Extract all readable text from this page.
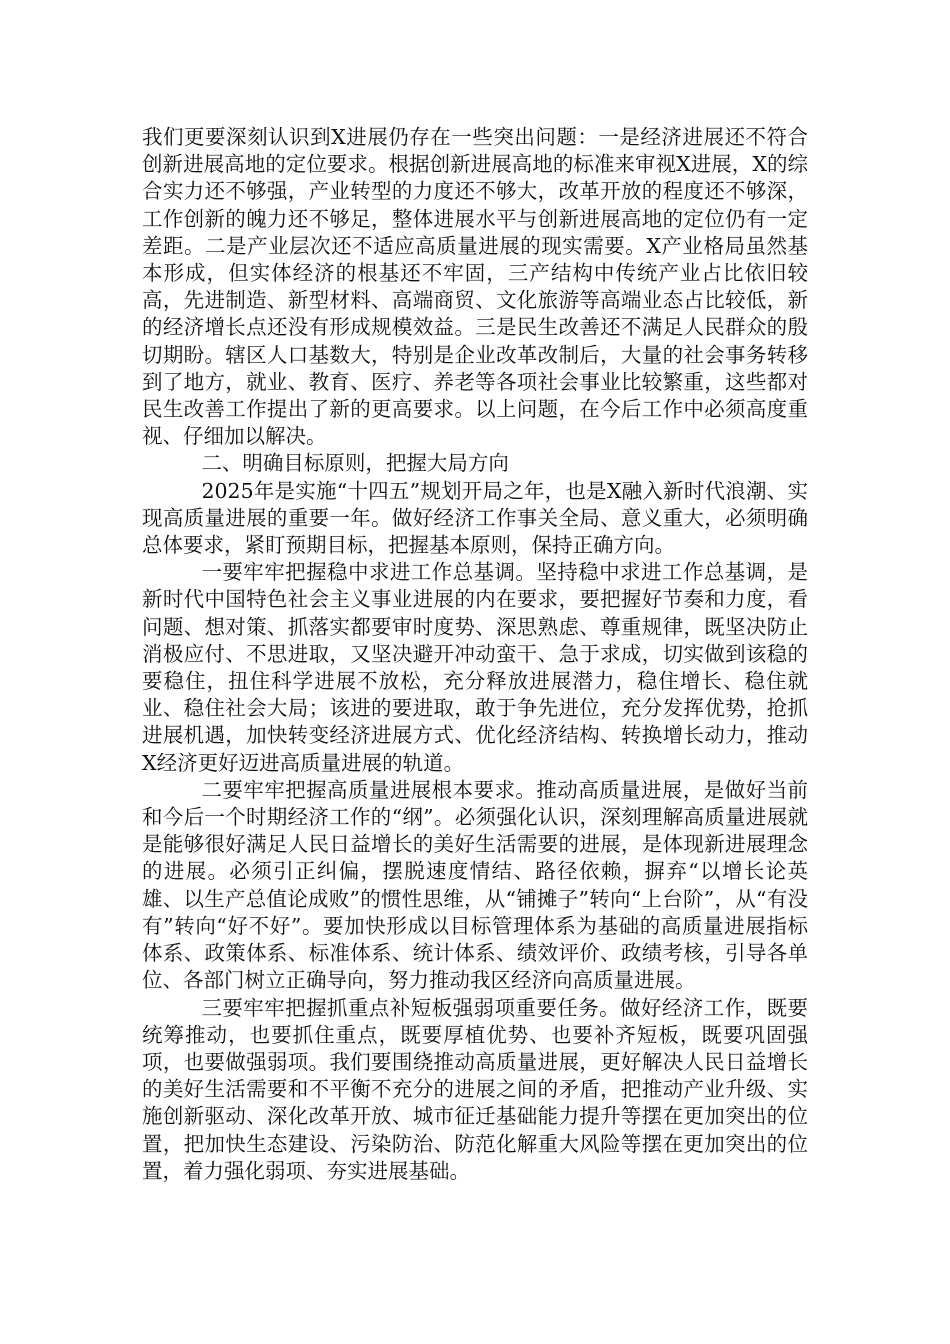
我们更要深刻认识到X进展仍存在一些突出问题：一是经济进展还不符合创新进展高地的定位要求。根据创新进展高地的标准来审视X进展，X的综合实力还不够强，产业转型的力度还不够大，改革开放的程度还不够深，工作创新的魄力还不够足，整体进展水平与创新进展高地的定位仍有一定差距。二是产业层次还不适应高质量进展的现实需要。X产业格局虽然基本形成，但实体经济的根基还不牢固，三产结构中传统产业占比依旧较高，先进制造、新型材料、高端商贸、文化旅游等高端业态占比较低，新的经济增长点还没有形成规模效益。三是民生改善还不满足人民群众的殷切期盼。辖区人口基数大，特别是企业改革改制后，大量的社会事务转移到了地方，就业、教育、医疗、养老等各项社会事业比较繁重，这些都对民生改善工作提出了新的更高要求。以上问题，在今后工作中必须高度重视、仔细加以解决。

二、明确目标原则，把握大局方向

2025年是实施“十四五”规划开局之年，也是X融入新时代浪潮、实现高质量进展的重要一年。做好经济工作事关全局、意义重大，必须明确总体要求，紧盯预期目标，把握基本原则，保持正确方向。

一要牢牢把握稳中求进工作总基调。坚持稳中求进工作总基调，是新时代中国特色社会主义事业进展的内在要求，要把握好节奏和力度，看问题、想对策、抓落实都要审时度势、深思熟虑、尊重规律，既坚决防止消极应付、不思进取，又坚决避开冲动蛮干、急于求成，切实做到该稳的要稳住，扭住科学进展不放松，充分释放进展潜力，稳住增长、稳住就业、稳住社会大局；该进的要进取，敢于争先进位，充分发挥优势，抢抓进展机遇，加快转变经济进展方式、优化经济结构、转换增长动力，推动X经济更好迈进高质量进展的轨道。

二要牢牢把握高质量进展根本要求。推动高质量进展，是做好当前和今后一个时期经济工作的“纲”。必须强化认识，深刻理解高质量进展就是能够很好满足人民日益增长的美好生活需要的进展，是体现新进展理念的进展。必须引正纠偏，摆脱速度情结、路径依赖，摒弃“以增长论英雄、以生产总值论成败”的惯性思维，从“铺摊子”转向“上台阶”，从“有没有”转向“好不好”。要加快形成以目标管理体系为基础的高质量进展指标体系、政策体系、标准体系、统计体系、绩效评价、政绩考核，引导各单位、各部门树立正确导向，努力推动我区经济向高质量进展。

三要牢牢把握抓重点补短板强弱项重要任务。做好经济工作，既要统筹推动，也要抓住重点，既要厚植优势、也要补齐短板，既要巩固强项，也要做强弱项。我们要围绕推动高质量进展，更好解决人民日益增长的美好生活需要和不平衡不充分的进展之间的矛盾，把推动产业升级、实施创新驱动、深化改革开放、城市征迁基础能力提升等摆在更加突出的位置，把加快生态建设、污染防治、防范化解重大风险等摆在更加突出的位置，着力强化弱项、夯实进展基础。
